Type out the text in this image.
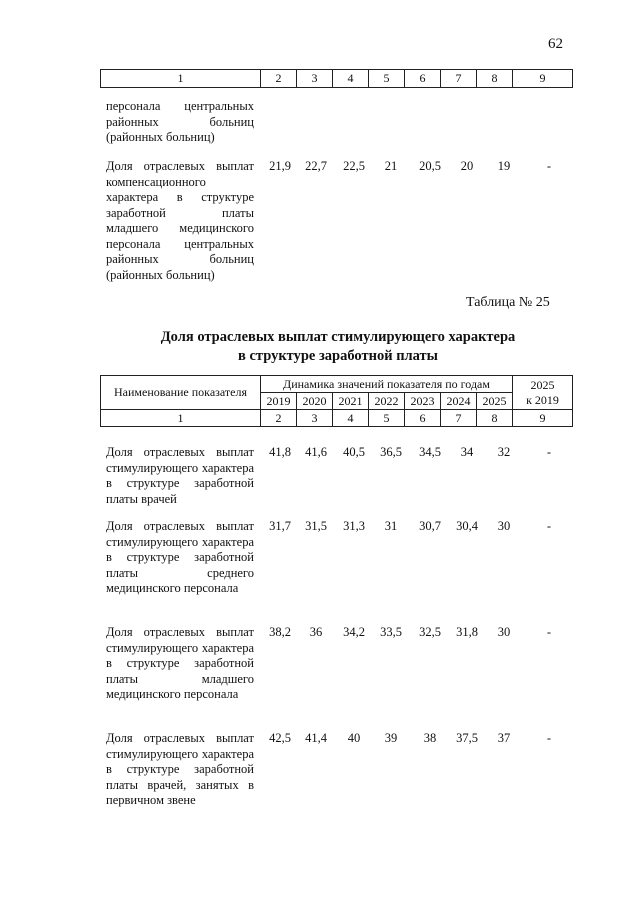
62
1	2	3	4	5	6	7	8	9
персонала центральных районных больниц (районных больниц)
Доля отраслевых выплат компенсационного характера в структуре заработной платы младшего медицинского персонала центральных районных больниц (районных больниц)
21,9	22,7	22,5	21	20,5	20	19	-
Таблица № 25
Доля отраслевых выплат стимулирующего характера
в структуре заработной платы
Наименование показателя	Динамика значений показателя по годам							2025
к 2019
	2019	2020	2021	2022	2023	2024	2025	
1	2	3	4	5	6	7	8	9
Доля отраслевых выплат стимулирующего характера в структуре заработной платы врачей
41,8	41,6	40,5	36,5	34,5	34	32	-
Доля отраслевых выплат стимулирующего характера в структуре заработной платы среднего медицинского персонала
31,7	31,5	31,3	31	30,7	30,4	30	-
Доля отраслевых выплат стимулирующего характера в структуре заработной платы младшего медицинского персонала
38,2	36	34,2	33,5	32,5	31,8	30	-
Доля отраслевых выплат стимулирующего характера в структуре заработной платы врачей, занятых в первичном звене
42,5	41,4	40	39	38	37,5	37	-
